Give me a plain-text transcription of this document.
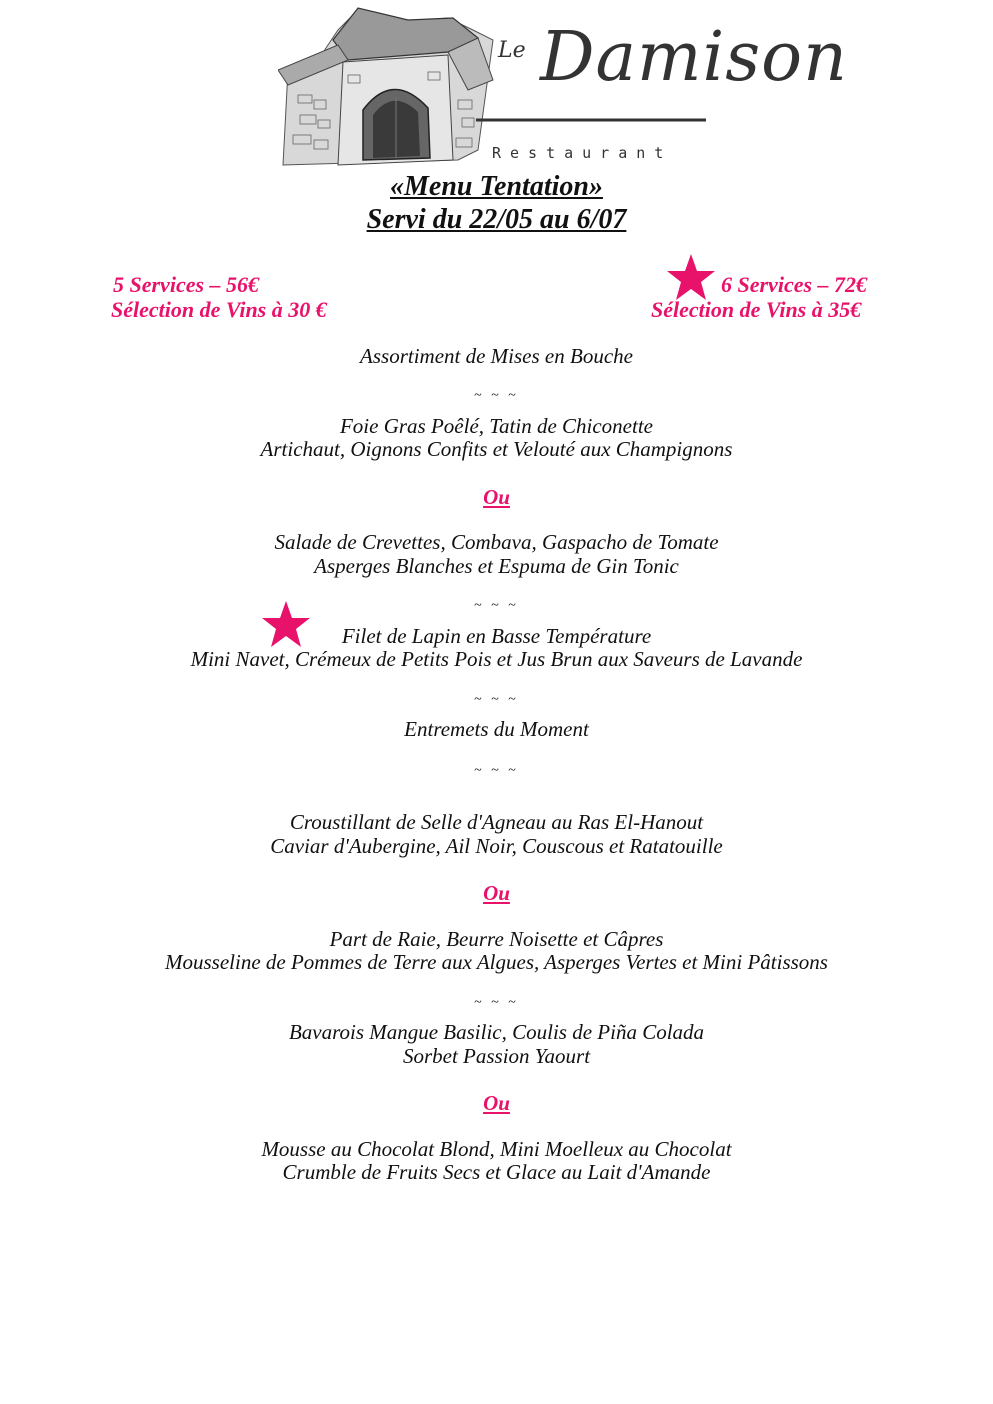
Le Damison
Restaurant
«Menu Tentation»
Servi du 22/05 au 6/07
5 Services – 56€
Sélection de Vins à 30 €
6 Services – 72€
Sélection de Vins à 35€
Assortiment de Mises en Bouche
~ ~ ~
Foie Gras Poêlé, Tatin de Chiconette
Artichaut, Oignons Confits et Velouté aux Champignons
Ou
Salade de Crevettes, Combava, Gaspacho de Tomate
Asperges Blanches et Espuma de Gin Tonic
~ ~ ~
Filet de Lapin en Basse Température
Mini Navet, Crémeux de Petits Pois et Jus Brun aux Saveurs de Lavande
~ ~ ~
Entremets du Moment
~ ~ ~
Croustillant de Selle d'Agneau au Ras El-Hanout
Caviar d'Aubergine, Ail Noir, Couscous et Ratatouille
Ou
Part de Raie, Beurre Noisette et Câpres
Mousseline de Pommes de Terre aux Algues, Asperges Vertes et Mini Pâtissons
~ ~ ~
Bavarois Mangue Basilic, Coulis de Piña Colada
Sorbet Passion Yaourt
Ou
Mousse au Chocolat Blond, Mini Moelleux au Chocolat
Crumble de Fruits Secs et Glace au Lait d'Amande
